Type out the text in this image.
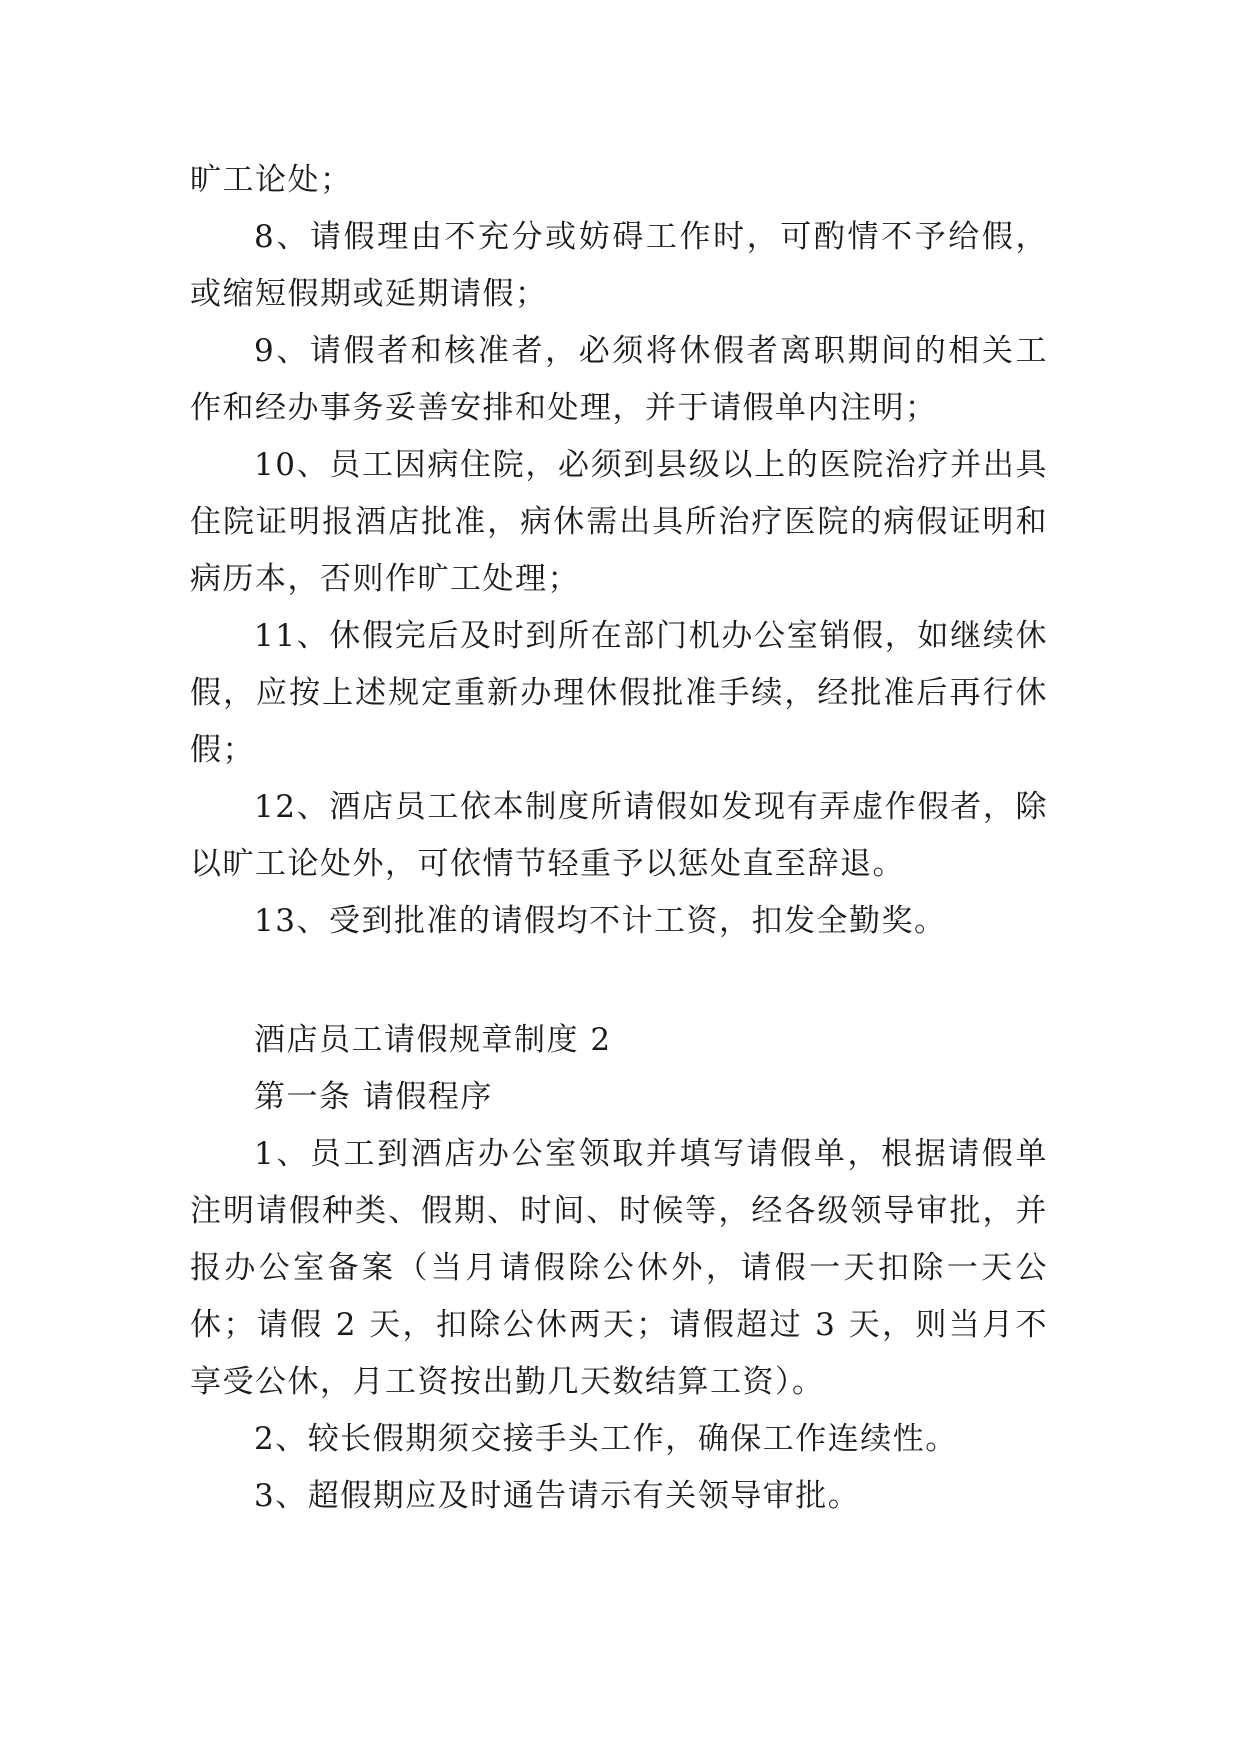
旷工论处；

8、请假理由不充分或妨碍工作时，可酌情不予给假，或缩短假期或延期请假；

9、请假者和核准者，必须将休假者离职期间的相关工作和经办事务妥善安排和处理，并于请假单内注明；

10、员工因病住院，必须到县级以上的医院治疗并出具住院证明报酒店批准，病休需出具所治疗医院的病假证明和病历本，否则作旷工处理；

11、休假完后及时到所在部门机办公室销假，如继续休假，应按上述规定重新办理休假批准手续，经批准后再行休假；

12、酒店员工依本制度所请假如发现有弄虚作假者，除以旷工论处外，可依情节轻重予以惩处直至辞退。

13、受到批准的请假均不计工资，扣发全勤奖。

酒店员工请假规章制度 2

第一条 请假程序

1、员工到酒店办公室领取并填写请假单，根据请假单注明请假种类、假期、时间、时候等，经各级领导审批，并报办公室备案（当月请假除公休外，请假一天扣除一天公休；请假 2 天，扣除公休两天；请假超过 3 天，则当月不享受公休，月工资按出勤几天数结算工资）。

2、较长假期须交接手头工作，确保工作连续性。

3、超假期应及时通告请示有关领导审批。
